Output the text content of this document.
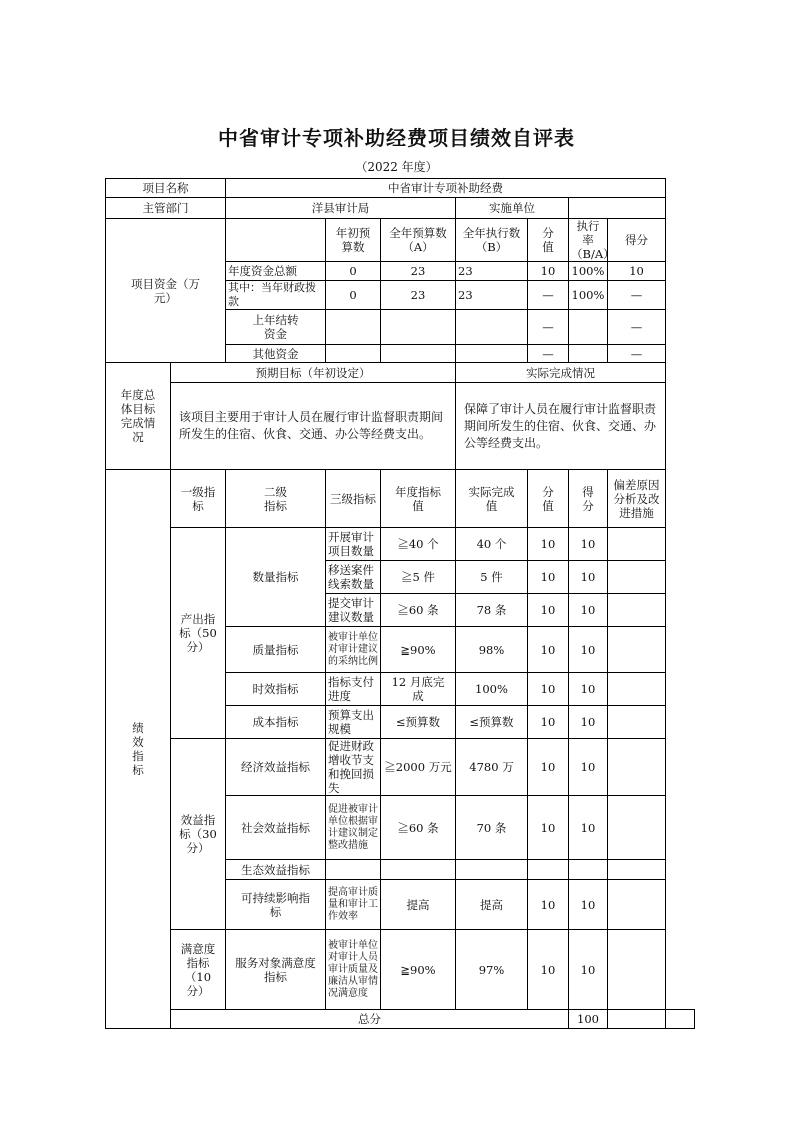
中省审计专项补助经费项目绩效自评表
（2022 年度）
项目名称		中省审计专项补助经费							
主管部门		洋县审计局			实施单位				
项目资金（万元）			年初预算数	全年预算数（A）	全年执行数（B）	分值	执行率（B/A）	得分	
		年度资金总额	0	23	23	10	100%	10	
		其中：当年财政拨款	0	23	23	—	100%	—	
		上年结转资金				—		—	
		其他资金				—		—	
年度总体目标完成情况	预期目标（年初设定）				实际完成情况				
	该项目主要用于审计人员在履行审计监督职责期间所发生的住宿、伙食、交通、办公等经费支出。				保障了审计人员在履行审计监督职责期间所发生的住宿、伙食、交通、办公等经费支出。				
绩效指标	一级指标	二级指标	三级指标	年度指标值	实际完成值	分值	得分	偏差原因分析及改进措施	
	产出指标（50分）	数量指标	开展审计项目数量	≧40 个	40 个	10	10		
			移送案件线索数量	≧5 件	5 件	10	10		
			提交审计建议数量	≧60 条	78 条	10	10		
		质量指标	被审计单位对审计建议的采纳比例	≧90%	98%	10	10		
		时效指标	指标支付进度	12 月底完成	100%	10	10		
		成本指标	预算支出规模	≤预算数	≤预算数	10	10		
	效益指标（30分）	经济效益指标	促进财政增收节支和挽回损失	≧2000 万元	4780 万	10	10		
		社会效益指标	促进被审计单位根据审计建议制定整改措施	≧60 条	70 条	10	10		
		生态效益指标							
		可持续影响指标	提高审计质量和审计工作效率	提高	提高	10	10		
	满意度指标（10分）	服务对象满意度指标	被审计单位对审计人员审计质量及廉洁从审情况满意度	≧90%	97%	10	10		
	总分						100		
